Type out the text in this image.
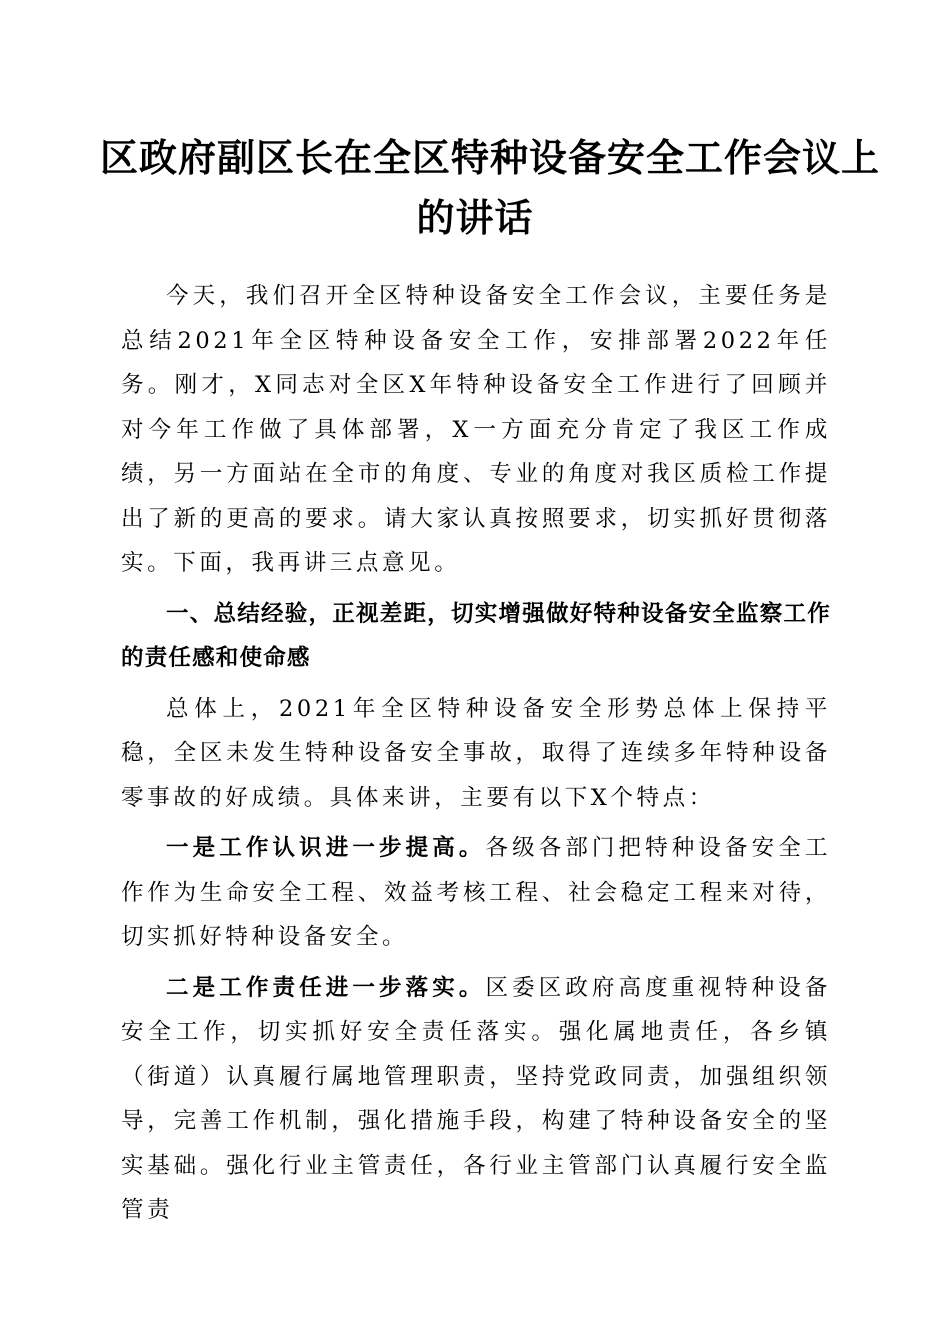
区政府副区长在全区特种设备安全工作会议上
的讲话

今天，我们召开全区特种设备安全工作会议，主要任务是总结2021年全区特种设备安全工作，安排部署2022年任务。刚才，X同志对全区X年特种设备安全工作进行了回顾并对今年工作做了具体部署，X一方面充分肯定了我区工作成绩，另一方面站在全市的角度、专业的角度对我区质检工作提出了新的更高的要求。请大家认真按照要求，切实抓好贯彻落实。下面，我再讲三点意见。

一、总结经验，正视差距，切实增强做好特种设备安全监察工作的责任感和使命感

总体上，2021年全区特种设备安全形势总体上保持平稳，全区未发生特种设备安全事故，取得了连续多年特种设备零事故的好成绩。具体来讲，主要有以下X个特点：

一是工作认识进一步提高。各级各部门把特种设备安全工作作为生命安全工程、效益考核工程、社会稳定工程来对待，切实抓好特种设备安全。

二是工作责任进一步落实。区委区政府高度重视特种设备安全工作，切实抓好安全责任落实。强化属地责任，各乡镇（街道）认真履行属地管理职责，坚持党政同责，加强组织领导，完善工作机制，强化措施手段，构建了特种设备安全的坚实基础。强化行业主管责任，各行业主管部门认真履行安全监管责
